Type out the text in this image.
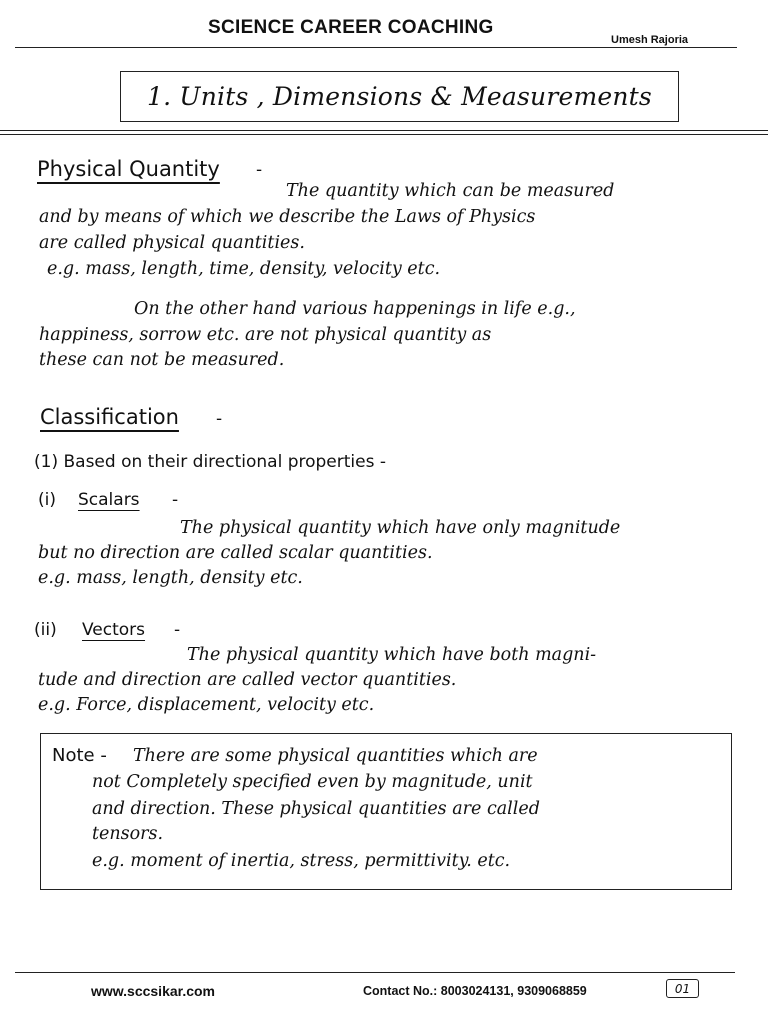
SCIENCE CAREER COACHING
Umesh Rajoria
1. Units , Dimensions & Measurements
Physical Quantity -
The quantity which can be measured
and by means of which we describe the Laws of Physics
are called physical quantities.
e.g. mass, length, time, density, velocity etc.
On the other hand various happenings in life e.g.,
happiness, sorrow etc. are not physical quantity as
these can not be measured.
Classification -
(1) Based on their directional properties -
(i) Scalars -
The physical quantity which have only magnitude
but no direction are called scalar quantities.
e.g. mass, length, density etc.
(ii) Vectors -
The physical quantity which have both magni-
tude and direction are called vector quantities.
e.g. Force, displacement, velocity etc.
Note - There are some physical quantities which are
not Completely specified even by magnitude, unit
and direction. These physical quantities are called
tensors.
e.g. moment of inertia, stress, permittivity. etc.
www.sccsikar.com	Contact No.: 8003024131, 9309068859	01
